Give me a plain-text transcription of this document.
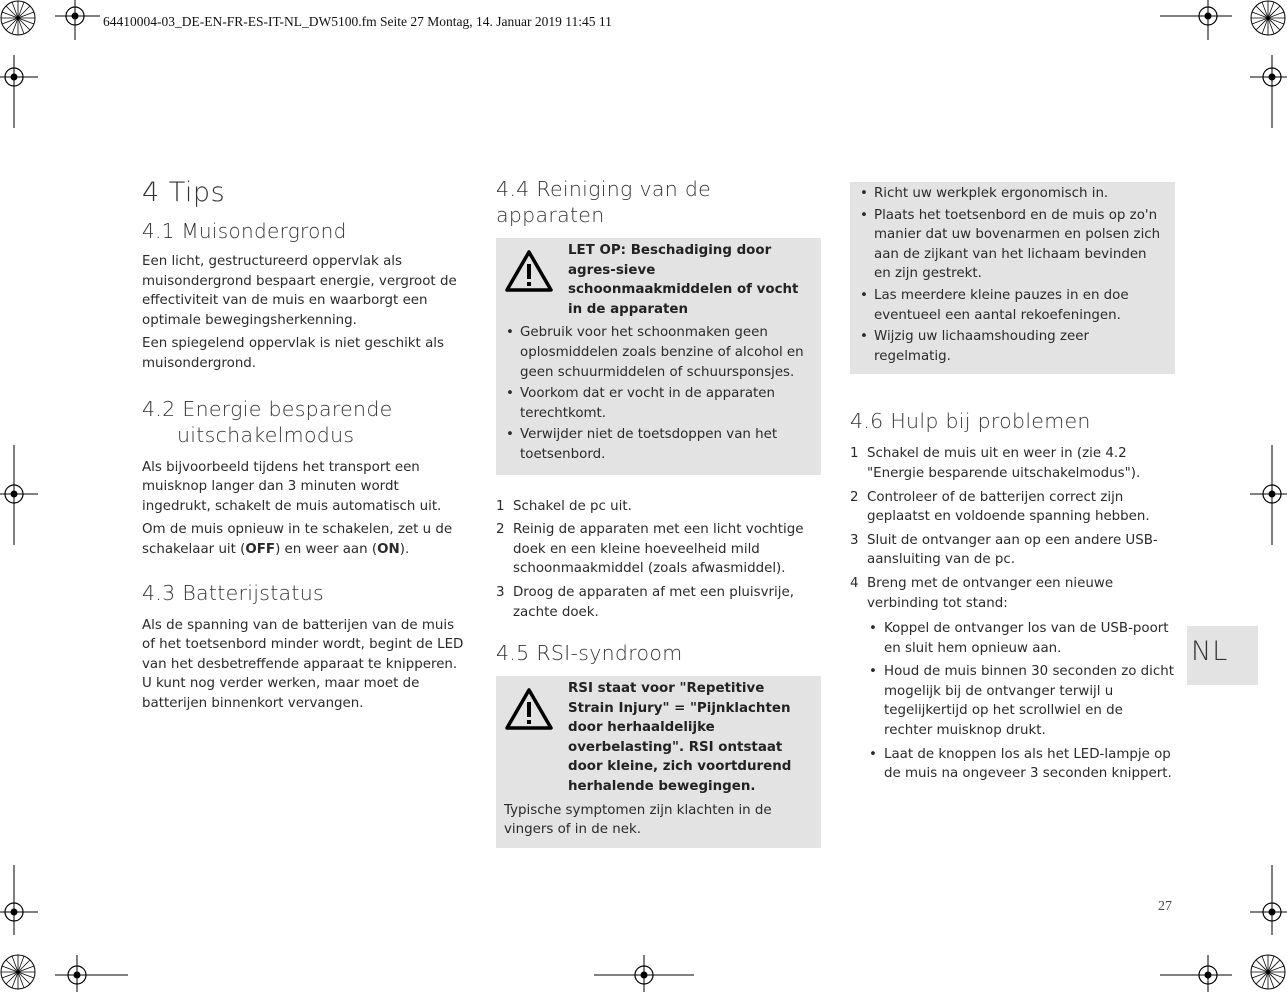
64410004-03_DE-EN-FR-ES-IT-NL_DW5100.fm Seite 27 Montag, 14. Januar 2019 11:45 11
4 Tips
4.1 Muisondergrond

Een licht, gestructureerd oppervlak als muisondergrond bespaart energie, vergroot de effectiviteit van de muis en waarborgt een optimale bewegingsherkenning.

Een spiegelend oppervlak is niet geschikt als muisondergrond.

4.2 Energie besparende uitschakelmodus

Als bijvoorbeeld tijdens het transport een muisknop langer dan 3 minuten wordt ingedrukt, schakelt de muis automatisch uit.

Om de muis opnieuw in te schakelen, zet u de schakelaar uit (OFF) en weer aan (ON).

4.3 Batterijstatus

Als de spanning van de batterijen van de muis of het toetsenbord minder wordt, begint de LED van het desbetreffende apparaat te knipperen. U kunt nog verder werken, maar moet de batterijen binnenkort vervangen.

4.4 Reiniging van de apparaten
LET OP: Beschadiging door agres-sieve schoonmaakmiddelen of vocht in de apparaten
• Gebruik voor het schoonmaken geen oplosmiddelen zoals benzine of alcohol en geen schuurmiddelen of schuursponsjes.
• Voorkom dat er vocht in de apparaten terechtkomt.
• Verwijder niet de toetsdoppen van het toetsenbord.
1 Schakel de pc uit.
2 Reinig de apparaten met een licht vochtige doek en een kleine hoeveelheid mild schoonmaakmiddel (zoals afwasmiddel).
3 Droog de apparaten af met een pluisvrije, zachte doek.
4.5 RSI-syndroom
RSI staat voor "Repetitive Strain Injury" = "Pijnklachten door herhaaldelijke overbelasting". RSI ontstaat door kleine, zich voortdurend herhalende bewegingen.
Typische symptomen zijn klachten in de vingers of in de nek.
• Richt uw werkplek ergonomisch in.
• Plaats het toetsenbord en de muis op zo'n manier dat uw bovenarmen en polsen zich aan de zijkant van het lichaam bevinden en zijn gestrekt.
• Las meerdere kleine pauzes in en doe eventueel een aantal rekoefeningen.
• Wijzig uw lichaamshouding zeer regelmatig.
4.6 Hulp bij problemen
1 Schakel de muis uit en weer in (zie 4.2 "Energie besparende uitschakelmodus").
2 Controleer of de batterijen correct zijn geplaatst en voldoende spanning hebben.
3 Sluit de ontvanger aan op een andere USB-aansluiting van de pc.
4 Breng met de ontvanger een nieuwe verbinding tot stand:
• Koppel de ontvanger los van de USB-poort en sluit hem opnieuw aan.
• Houd de muis binnen 30 seconden zo dicht mogelijk bij de ontvanger terwijl u tegelijkertijd op het scrollwiel en de rechter muisknop drukt.
• Laat de knoppen los als het LED-lampje op de muis na ongeveer 3 seconden knippert.
NL
27
